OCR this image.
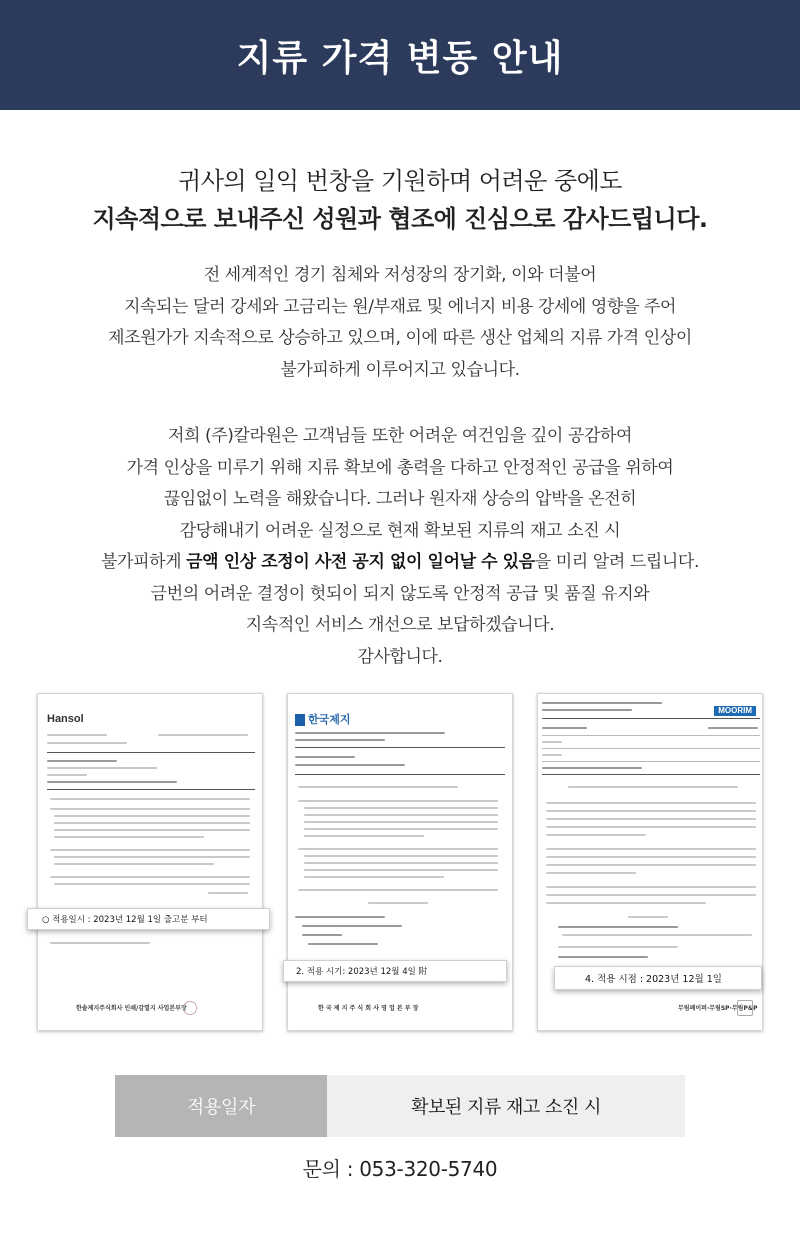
지류 가격 변동 안내

귀사의 일익 번창을 기원하며 어려운 중에도

지속적으로 보내주신 성원과 협조에 진심으로 감사드립니다.

전 세계적인 경기 침체와 저성장의 장기화, 이와 더불어

지속되는 달러 강세와 고금리는 원/부재료 및 에너지 비용 강세에 영향을 주어

제조원가가 지속적으로 상승하고 있으며, 이에 따른 생산 업체의 지류 가격 인상이

불가피하게 이루어지고 있습니다.

저희 (주)칼라원은 고객님들 또한 어려운 여건임을 깊이 공감하여

가격 인상을 미루기 위해 지류 확보에 총력을 다하고 안정적인 공급을 위하여

끊임없이 노력을 해왔습니다. 그러나 원자재 상승의 압박을 온전히

감당해내기 어려운 실정으로 현재 확보된 지류의 재고 소진 시

불가피하게 금액 인상 조정이 사전 공지 없이 일어날 수 있음을 미리 알려 드립니다.

금번의 어려운 결정이 헛되이 되지 않도록 안정적 공급 및 품질 유지와

지속적인 서비스 개선으로 보답하겠습니다.

감사합니다.

Hansol
한솔제지주식회사 인쇄/감열지 사업본부장
한국제지
한 국 제 지 주 식 회 사 영 업 본 부 장
MOORIM
무림페이퍼·무림SP·무림P&P
○ 적용일시 : 2023년 12월 1일 출고분 부터
2. 적용 시기: 2023년 12월 4일 附
4. 적용 시점 : 2023년 12월 1일
적용일자	확보된 지류 재고 소진 시
문의 : 053-320-5740
